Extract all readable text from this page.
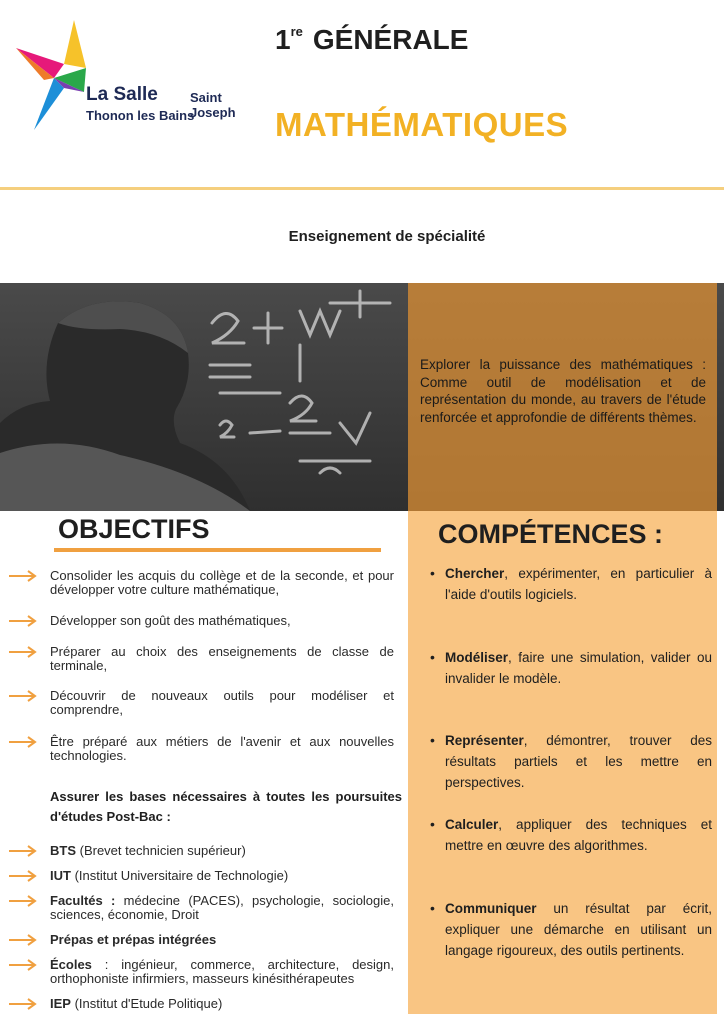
La Salle Saint Joseph
Thonon les Bains
1re GÉNÉRALE
MATHÉMATIQUES
Enseignement de spécialité

Explorer la puissance des mathématiques : Comme outil de modélisation et de représentation du monde, au travers de l'étude renforcée et approfondie de différents thèmes.

OBJECTIFS
Consolider les acquis du collège et de la seconde, et pour développer votre culture mathématique,
Développer son goût des mathématiques,
Préparer au choix des enseignements de classe de terminale,
Découvrir de nouveaux outils pour modéliser et comprendre,
Être préparé aux métiers de l'avenir et aux nouvelles technologies.
Assurer les bases nécessaires à toutes les poursuites d'études Post-Bac :
BTS (Brevet technicien supérieur)
IUT (Institut Universitaire de Technologie)
Facultés : médecine (PACES), psychologie, sociologie, sciences, économie, Droit
Prépas et prépas intégrées
Écoles : ingénieur, commerce, architecture, design, orthophoniste infirmiers, masseurs kinésithérapeutes
IEP (Institut d'Etude Politique)
COMPÉTENCES :
• Chercher, expérimenter, en particulier à l'aide d'outils logiciels.
• Modéliser, faire une simulation, valider ou invalider le modèle.
• Représenter, démontrer, trouver des résultats partiels et les mettre en perspectives.
• Calculer, appliquer des techniques et mettre en œuvre des algorithmes.
• Communiquer un résultat par écrit, expliquer une démarche en utilisant un langage rigoureux, des outils pertinents.
